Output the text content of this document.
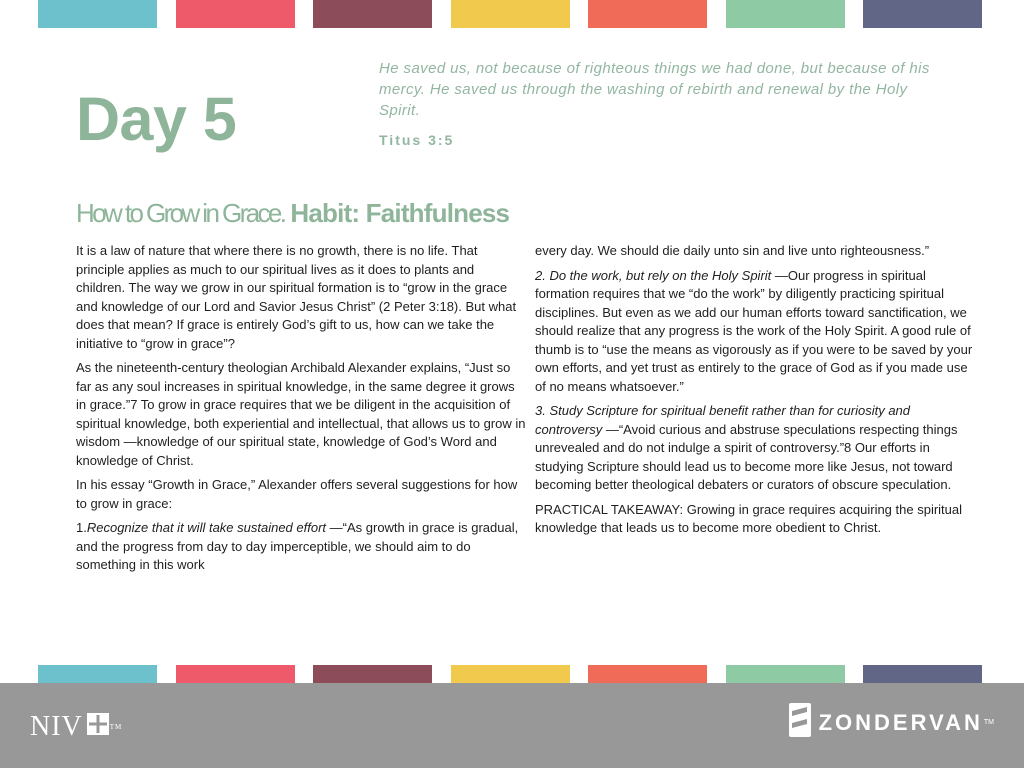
Day 5
He saved us, not because of righteous things we had done, but because of his mercy. He saved us through the washing of rebirth and renewal by the Holy Spirit.
Titus 3:5
How to Grow in Grace. Habit: Faithfulness

It is a law of nature that where there is no growth, there is no life. That principle applies as much to our spiritual lives as it does to plants and children. The way we grow in our spiritual formation is to “grow in the grace and knowledge of our Lord and Savior Jesus Christ” (2 Peter 3:18). But what does that mean? If grace is entirely God’s gift to us, how can we take the initiative to “grow in grace”?

As the nineteenth-century theologian Archibald Alexander explains, “Just so far as any soul increases in spiritual knowledge, in the same degree it grows in grace.”7 To grow in grace requires that we be diligent in the acquisition of spiritual knowledge, both experiential and intellectual, that allows us to grow in wisdom —knowledge of our spiritual state, knowledge of God’s Word and knowledge of Christ.

In his essay “Growth in Grace,” Alexander offers several suggestions for how to grow in grace:

1.Recognize that it will take sustained effort —“As growth in grace is gradual, and the progress from day to day imperceptible, we should aim to do something in this work

every day. We should die daily unto sin and live unto righteousness.”

2. Do the work, but rely on the Holy Spirit —Our progress in spiritual formation requires that we “do the work” by diligently practicing spiritual disciplines. But even as we add our human efforts toward sanctification, we should realize that any progress is the work of the Holy Spirit. A good rule of thumb is to “use the means as vigorously as if you were to be saved by your own efforts, and yet trust as entirely to the grace of God as if you made use of no means whatsoever.”

3. Study Scripture for spiritual benefit rather than for curiosity and controversy —“Avoid curious and abstruse speculations respecting things unrevealed and do not indulge a spirit of controversy.”8 Our efforts in studying Scripture should lead us to become more like Jesus, not toward becoming better theological debaters or curators of obscure speculation.

PRACTICAL TAKEAWAY: Growing in grace requires acquiring the spiritual knowledge that leads us to become more obedient to Christ.

NIV	TM	ZONDERVAN TM
